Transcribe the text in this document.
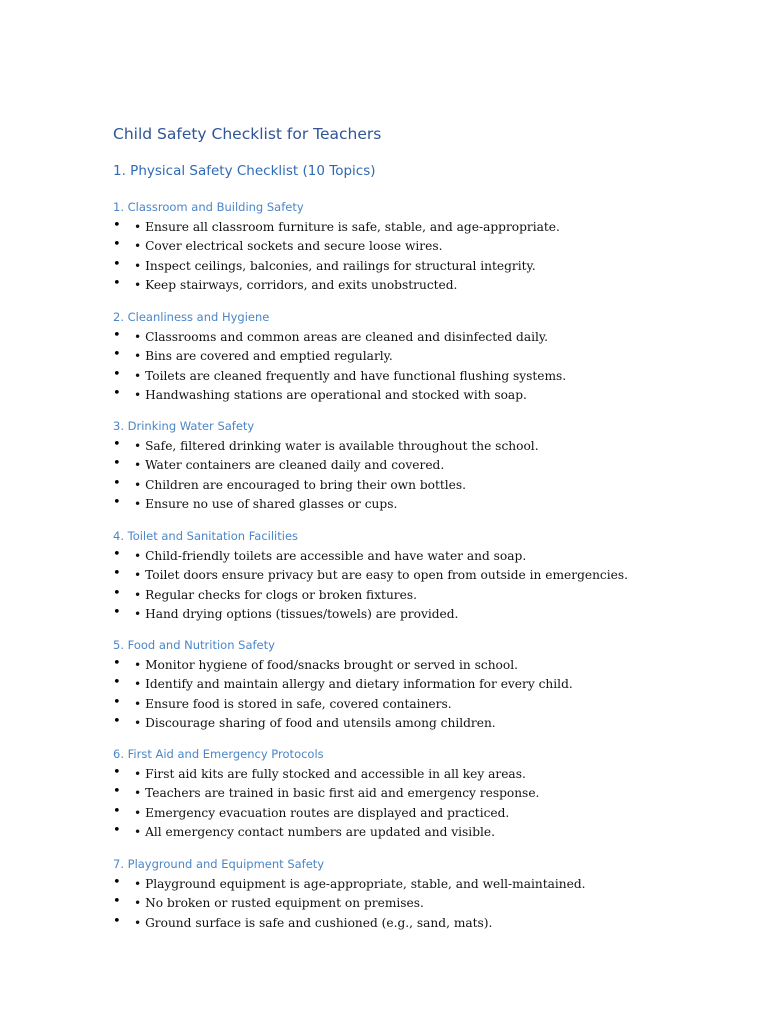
Child Safety Checklist for Teachers
1. Physical Safety Checklist (10 Topics)
1. Classroom and Building Safety
• • Ensure all classroom furniture is safe, stable, and age-appropriate.
• • Cover electrical sockets and secure loose wires.
• • Inspect ceilings, balconies, and railings for structural integrity.
• • Keep stairways, corridors, and exits unobstructed.
2. Cleanliness and Hygiene
• • Classrooms and common areas are cleaned and disinfected daily.
• • Bins are covered and emptied regularly.
• • Toilets are cleaned frequently and have functional flushing systems.
• • Handwashing stations are operational and stocked with soap.
3. Drinking Water Safety
• • Safe, filtered drinking water is available throughout the school.
• • Water containers are cleaned daily and covered.
• • Children are encouraged to bring their own bottles.
• • Ensure no use of shared glasses or cups.
4. Toilet and Sanitation Facilities
• • Child-friendly toilets are accessible and have water and soap.
• • Toilet doors ensure privacy but are easy to open from outside in emergencies.
• • Regular checks for clogs or broken fixtures.
• • Hand drying options (tissues/towels) are provided.
5. Food and Nutrition Safety
• • Monitor hygiene of food/snacks brought or served in school.
• • Identify and maintain allergy and dietary information for every child.
• • Ensure food is stored in safe, covered containers.
• • Discourage sharing of food and utensils among children.
6. First Aid and Emergency Protocols
• • First aid kits are fully stocked and accessible in all key areas.
• • Teachers are trained in basic first aid and emergency response.
• • Emergency evacuation routes are displayed and practiced.
• • All emergency contact numbers are updated and visible.
7. Playground and Equipment Safety
• • Playground equipment is age-appropriate, stable, and well-maintained.
• • No broken or rusted equipment on premises.
• • Ground surface is safe and cushioned (e.g., sand, mats).
